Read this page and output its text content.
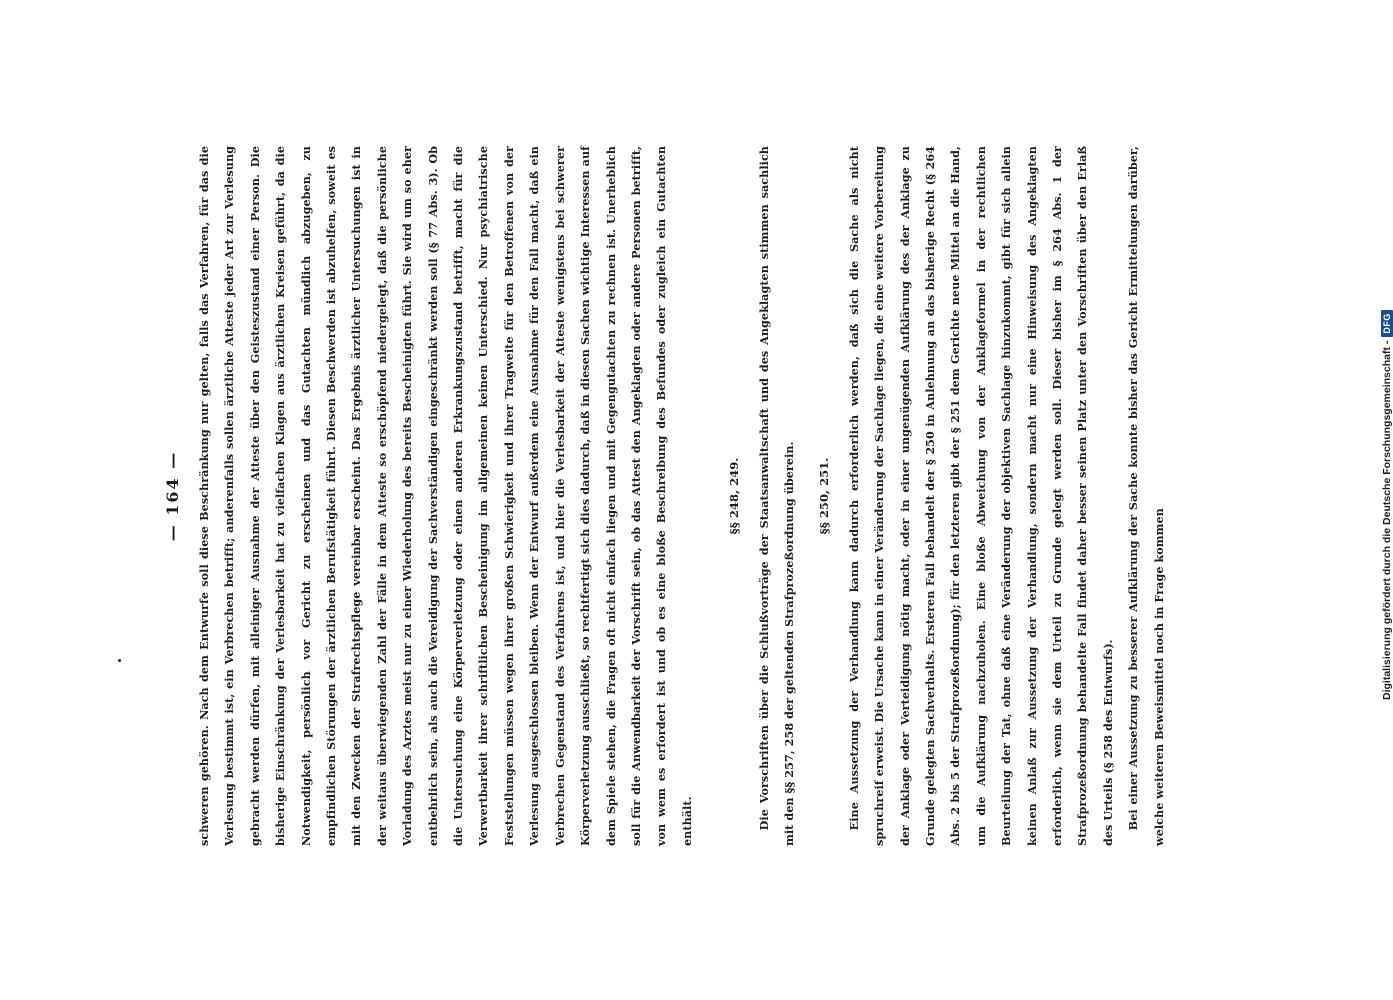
— 164 —	schweren gehören. Nach dem Entwurfe soll diese Beschränkung nur gelten, falls das Verfahren, für das die Verlesung bestimmt ist, ein Verbrechen betrifft; anderenfalls sollen ärztliche Atteste jeder Art zur Verlesung gebracht werden dürfen, mit alleiniger Ausnahme der Atteste über den Geisteszustand einer Person. Die bisherige Einschränkung der Verlesbarkeit hat zu vielfachen Klagen aus ärztlichen Kreisen geführt, da die Notwendigkeit, persönlich vor Gericht zu erscheinen und das Gutachten mündlich abzugeben, zu empfindlichen Störungen der ärztlichen Berufstätigkeit führt. Diesen Beschwerden ist abzuhelfen, soweit es mit den Zwecken der Strafrechtspflege vereinbar erscheint. Das Ergebnis ärztlicher Untersuchungen ist in der weitaus überwiegenden Zahl der Fälle in dem Atteste so erschöpfend niedergelegt, daß die persönliche Vorladung des Arztes meist nur zu einer Wiederholung des bereits Bescheinigten führt. Sie wird um so eher entbehrlich sein, als auch die Vereidigung der Sachverständigen eingeschränkt werden soll (§ 77 Abs. 3). Ob die Untersuchung eine Körperverletzung oder einen anderen Erkrankungszustand betrifft, macht für die Verwertbarkeit ihrer schriftlichen Bescheinigung im allgemeinen keinen Unterschied. Nur psychiatrische Feststellungen müssen wegen ihrer großen Schwierigkeit und ihrer Tragweite für den Betroffenen von der Verlesung ausgeschlossen bleiben. Wenn der Entwurf außerdem eine Ausnahme für den Fall macht, daß ein Verbrechen Gegenstand des Verfahrens ist, und hier die Verlesbarkeit der Atteste wenigstens bei schwerer Körperverletzung ausschließt, so rechtfertigt sich dies dadurch, daß in diesen Sachen wichtige Interessen auf dem Spiele stehen, die Fragen oft nicht einfach liegen und mit Gegengutachten zu rechnen ist. Unerheblich soll für die Anwendbarkeit der Vorschrift sein, ob das Attest den Angeklagten oder andere Personen betrifft, von wem es erfordert ist und ob es eine bloße Beschreibung des Befundes oder zugleich ein Gutachten enthält.

§§ 248, 249.	Die Vorschriften über die Schlußvorträge der Staatsanwaltschaft und des Angeklagten stimmen sachlich mit den §§ 257, 258 der geltenden Strafprozeßordnung überein.	§§ 250, 251.	Eine Aussetzung der Verhandlung kann dadurch erforderlich werden, daß sich die Sache als nicht spruchreif erweist. Die Ursache kann in einer Veränderung der Sachlage liegen, die eine weitere Vorbereitung der Anklage oder Verteidigung nötig macht, oder in einer ungenügenden Aufklärung des der Anklage zu Grunde gelegten Sachverhalts. Ersteren Fall behandelt der § 250 in Anlehnung an das bisherige Recht (§ 264 Abs. 2 bis 5 der Strafprozeßordnung); für den letzteren gibt der § 251 dem Gerichte neue Mittel an die Hand, um die Aufklärung nachzuholen. Eine bloße Abweichung von der Anklageformel in der rechtlichen Beurteilung der Tat, ohne daß eine Veränderung der objektiven Sachlage hinzukommt, gibt für sich allein keinen Anlaß zur Aussetzung der Verhandlung, sondern macht nur eine Hinweisung des Angeklagten erforderlich, wenn sie dem Urteil zu Grunde gelegt werden soll. Dieser bisher im § 264 Abs. 1 der Strafprozeßordnung behandelte Fall findet daher besser seinen Platz unter den Vorschriften über den Erlaß des Urteils (§ 258 des Entwurfs).	Bei einer Aussetzung zu besserer Aufklärung der Sache konnte bisher das Gericht Ermittelungen darüber, welche weiteren Beweismittel noch in Frage kommen	Digitalisierung gefördert durch die Deutsche Forschungsgemeinschaft -
DFG
